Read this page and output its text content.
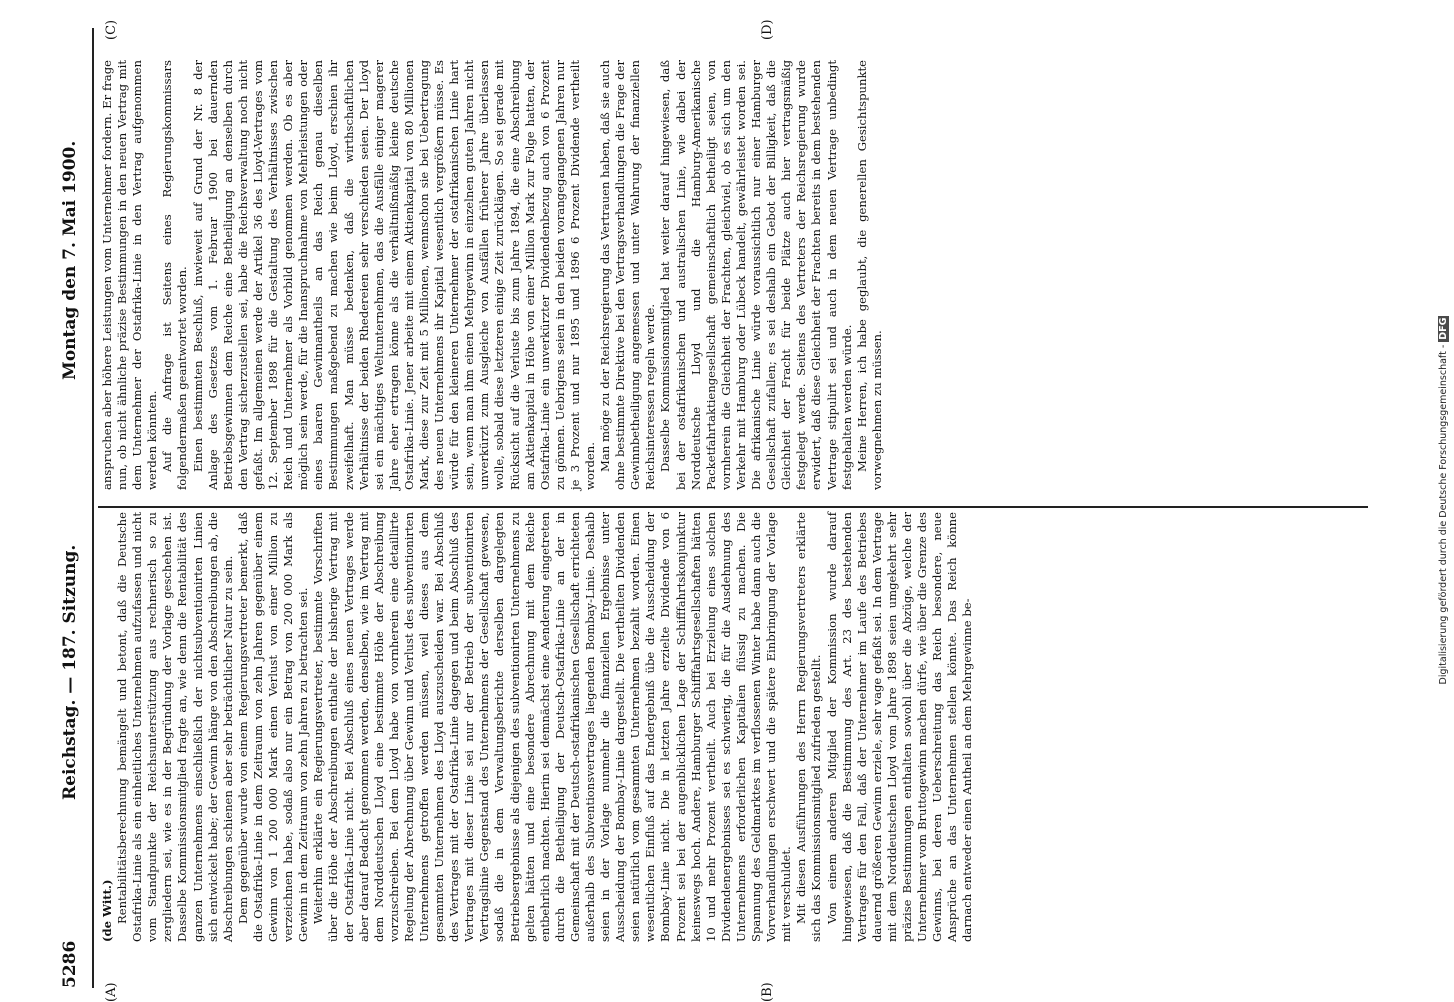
5286
Reichstag. — 187. Sitzung.
Montag den 7. Mai 1900.
(A)	(B)
(C)	(D)

(de Witt.) Rentabilitätsberechnung bemängelt und betont, daß die Deutsche Ostafrika-Linie als ein einheitliches Unternehmen aufzufassen und nicht vom Standpunkte der Reichsunterstützung aus rechnerisch so zu zergliedern sei, wie es in der Begründung der Vorlage geschehen ist. Dasselbe Kommissionsmitglied fragte an, wie denn die Rentabilität des ganzen Unternehmens einschließlich der nichtsubventionirten Linien sich entwickelt habe; der Gewinn hänge von den Abschreibungen ab, die Abschreibungen schienen aber sehr beträchtlicher Natur zu sein. Dem gegenüber wurde von einem Regierungsvertreter bemerkt, daß die Ostafrika-Linie in dem Zeitraum von zehn Jahren gegenüber einem Gewinn von 1 200 000 Mark einen Verlust von einer Million zu verzeichnen habe, sodaß also nur ein Betrag von 200 000 Mark als Gewinn in dem Zeitraum von zehn Jahren zu betrachten sei. Weiterhin erklärte ein Regierungsvertreter, bestimmte Vorschriften über die Höhe der Abschreibungen enthalte der bisherige Vertrag mit der Ostafrika-Linie nicht. Bei Abschluß eines neuen Vertrages werde aber darauf Bedacht genommen werden, denselben, wie im Vertrag mit dem Norddeutschen Lloyd eine bestimmte Höhe der Abschreibung vorzuschreiben. Bei dem Lloyd habe von vornherein eine detaillirte Regelung der Abrechnung über Gewinn und Verlust des subventionirten Unternehmens getroffen werden müssen, weil dieses aus dem gesammten Unternehmen des Lloyd auszuscheiden war. Bei Abschluß des Vertrages mit der Ostafrika-Linie dagegen und beim Abschluß des Vertrages mit dieser Linie sei nur der Betrieb der subventionirten Vertragslinie Gegenstand des Unternehmens der Gesellschaft gewesen, sodaß die in dem Verwaltungsberichte derselben dargelegten Betriebsergebnisse als diejenigen des subventionirten Unternehmens zu gelten hätten und eine besondere Abrechnung mit dem Reiche entbehrlich machten. Hierin sei demnächst eine Aenderung eingetreten durch die Betheiligung der Deutsch-Ostafrika-Linie an der in Gemeinschaft mit der Deutsch-ostafrikanischen Gesellschaft errichteten außerhalb des Subventionsvertrages liegenden Bombay-Linie. Deshalb seien in der Vorlage nunmehr die finanziellen Ergebnisse unter Ausscheidung der Bombay-Linie dargestellt. Die vertheilten Dividenden seien natürlich vom gesammten Unternehmen bezahlt worden. Einen wesentlichen Einfluß auf das Endergebniß übe die Ausscheidung der Bombay-Linie nicht. Die in letzten Jahre erzielte Dividende von 6 Prozent sei bei der augenblicklichen Lage der Schifffahrtskonjunktur keineswegs hoch. Andere, Hamburger Schifffahrtsgesellschaften hätten 10 und mehr Prozent vertheilt. Auch bei Erzielung eines solchen Dividendenergebnisses sei es schwierig, die für die Ausdehnung des Unternehmens erforderlichen Kapitalien flüssig zu machen. Die Spannung des Geldmarktes im verflossenen Winter habe dann auch die Vorverhandlungen erschwert und die spätere Einbringung der Vorlage mit verschuldet. Mit diesen Ausführungen des Herrn Regierungsvertreters erklärte sich das Kommissionsmitglied zufrieden gestellt. Von einem anderen Mitglied der Kommission wurde darauf hingewiesen, daß die Bestimmung des Art. 23 des bestehenden Vertrages für den Fall, daß der Unternehmer im Laufe des Betriebes dauernd größeren Gewinn erziele, sehr vage gefaßt sei. In dem Vertrage mit dem Norddeutschen Lloyd vom Jahre 1898 seien umgekehrt sehr präzise Bestimmungen enthalten sowohl über die Abzüge, welche der Unternehmer vom Bruttogewinn machen dürfe, wie über die Grenze des Gewinns, bei deren Ueberschreitung das Reich besondere, neue Ansprüche an das Unternehmen stellen könnte. Das Reich könne darnach entweder einen Antheil an dem Mehrgewinne be-

anspruchen aber höhere Leistungen vom Unternehmer fordern. Er frage nun, ob nicht ähnliche präzise Bestimmungen in den neuen Vertrag mit dem Unternehmer der Ostafrika-Linie in den Vertrag aufgenommen werden könnten. Auf die Anfrage ist Seitens eines Regierungskommissars folgendermaßen geantwortet worden. Einen bestimmten Beschluß, inwieweit auf Grund der Nr. 8 der Anlage des Gesetzes vom 1. Februar 1900 bei dauernden Betriebsgewinnen dem Reiche eine Betheiligung an denselben durch den Vertrag sicherzustellen sei, habe die Reichsverwaltung noch nicht gefaßt. Im allgemeinen werde der Artikel 36 des Lloyd-Vertrages vom 12. September 1898 für die Gestaltung des Verhältnisses zwischen Reich und Unternehmer als Vorbild genommen werden. Ob es aber möglich sein werde, für die Inanspruchnahme von Mehrleistungen oder eines baaren Gewinnantheils an das Reich genau dieselben Bestimmungen maßgebend zu machen wie beim Lloyd, erschien ihr zweifelhaft. Man müsse bedenken, daß die wirthschaftlichen Verhältnisse der beiden Rhedereien sehr verschieden seien. Der Lloyd sei ein mächtiges Weltunternehmen, das die Ausfälle einiger magerer Jahre eher ertragen könne als die verhältnißmäßig kleine deutsche Ostafrika-Linie. Jener arbeite mit einem Aktienkapital von 80 Millionen Mark, diese zur Zeit mit 5 Millionen, wennschon sie bei Uebertragung des neuen Unternehmens ihr Kapital wesentlich vergrößern müsse. Es würde für den kleineren Unternehmer der ostafrikanischen Linie hart sein, wenn man ihm einen Mehrgewinn in einzelnen guten Jahren nicht unverkürzt zum Ausgleiche von Ausfällen früherer Jahre überlassen wolle, sobald diese letzteren einige Zeit zurücklägen. So sei gerade mit Rücksicht auf die Verluste bis zum Jahre 1894, die eine Abschreibung am Aktienkapital in Höhe von einer Million Mark zur Folge hatten, der Ostafrika-Linie ein unverkürzter Dividendenbezug auch von 6 Prozent zu gönnen. Uebrigens seien in den beiden vorangegangenen Jahren nur je 3 Prozent und nur 1895 und 1896 6 Prozent Dividende vertheilt worden. Man möge zu der Reichsregierung das Vertrauen haben, daß sie auch ohne bestimmte Direktive bei den Vertragsverhandlungen die Frage der Gewinnbetheiligung angemessen und unter Wahrung der finanziellen Reichsinteressen regeln werde. Dasselbe Kommissionsmitglied hat weiter darauf hingewiesen, daß bei der ostafrikanischen und australischen Linie, wie dabei der Norddeutsche Lloyd und die Hamburg-Amerikanische Packetfahrtaktiengesellschaft gemeinschaftlich betheiligt seien, von vornherein die Gleichheit der Frachten, gleichviel, ob es sich um den Verkehr mit Hamburg oder Lübeck handelt, gewährleistet worden sei. Die afrikanische Linie würde voraussichtlich nur einer Hamburger Gesellschaft zufallen; es sei deshalb ein Gebot der Billigkeit, daß die Gleichheit der Fracht für beide Plätze auch hier vertragsmäßig festgelegt werde. Seitens des Vertreters der Reichsregierung wurde erwidert, daß diese Gleichheit der Frachten bereits in dem bestehenden Vertrage stipulirt sei und auch in dem neuen Vertrage unbedingt festgehalten werden würde. Meine Herren, ich habe geglaubt, die generellen Gesichtspunkte vorwegnehmen zu müssen.	Digitalisierung gefördert durch die Deutsche Forschungsgemeinschaft -DFG
